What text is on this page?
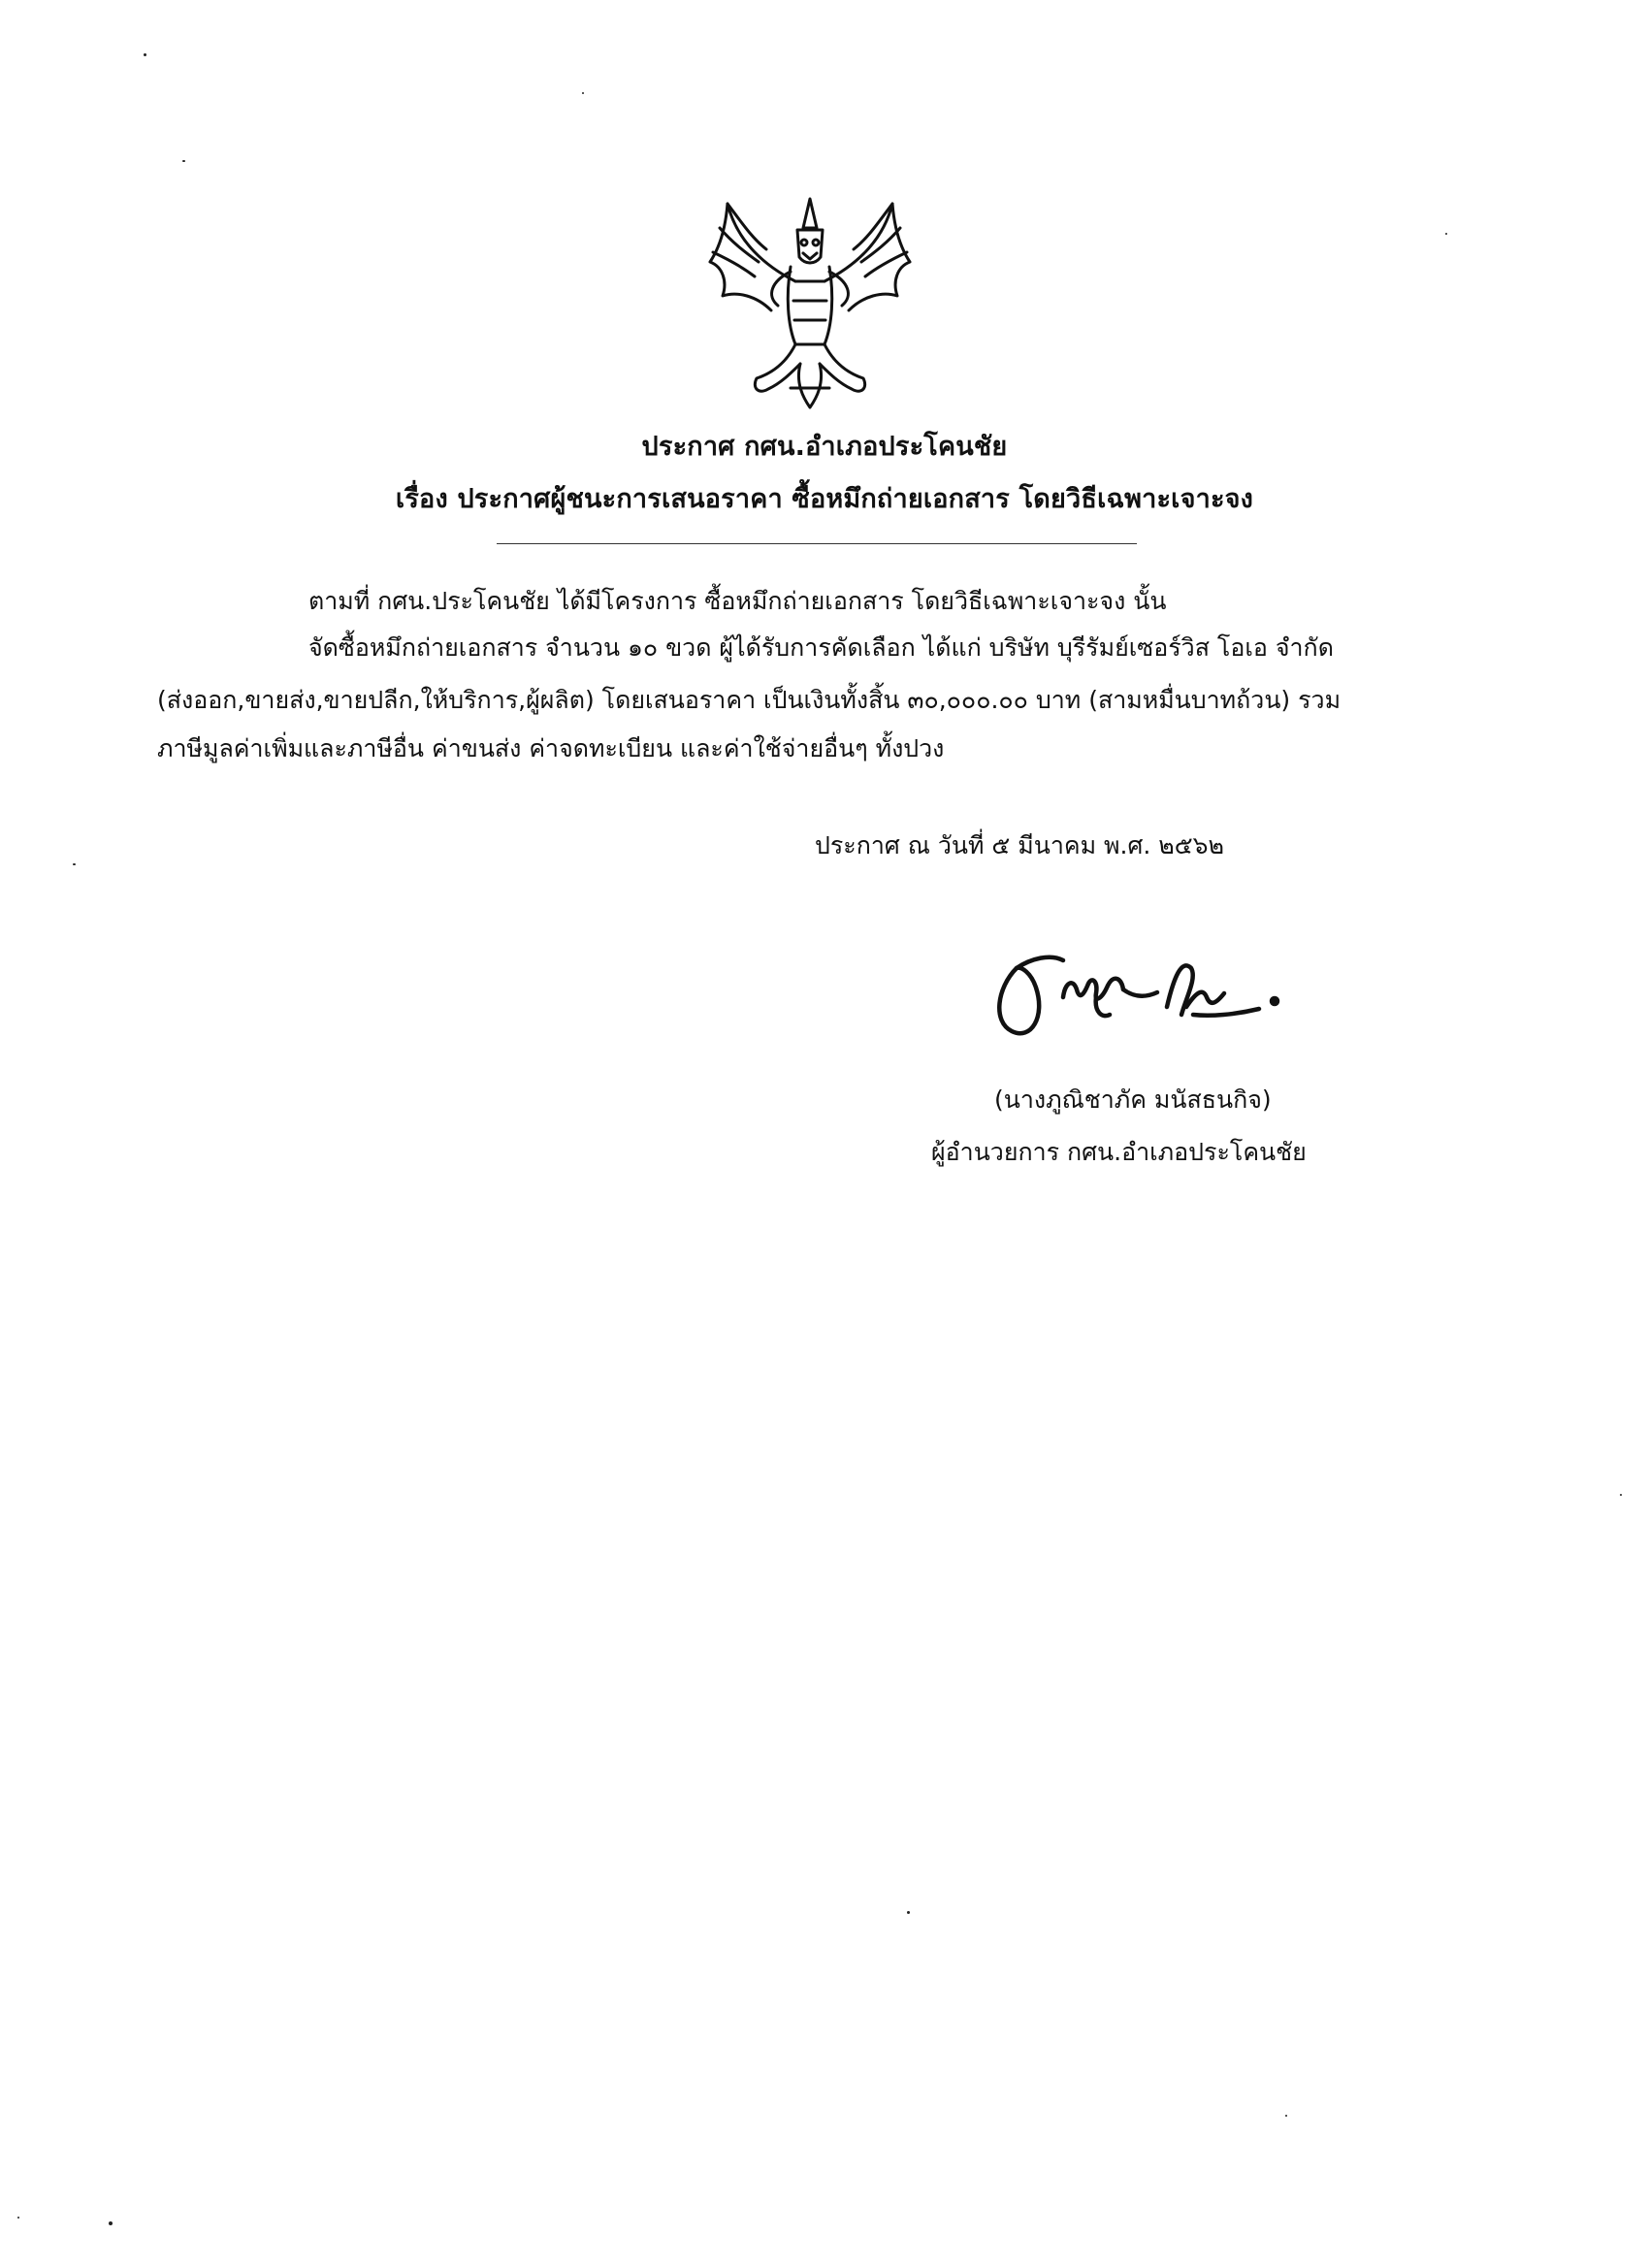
ประกาศ กศน.อำเภอประโคนชัย
เรื่อง ประกาศผู้ชนะการเสนอราคา ซื้อหมึกถ่ายเอกสาร โดยวิธีเฉพาะเจาะจง
ตามที่ กศน.ประโคนชัย ได้มีโครงการ ซื้อหมึกถ่ายเอกสาร โดยวิธีเฉพาะเจาะจง นั้น
จัดซื้อหมึกถ่ายเอกสาร จำนวน ๑๐ ขวด ผู้ได้รับการคัดเลือก ได้แก่ บริษัท บุรีรัมย์เซอร์วิส โอเอ จำกัด
(ส่งออก,ขายส่ง,ขายปลีก,ให้บริการ,ผู้ผลิต) โดยเสนอราคา เป็นเงินทั้งสิ้น ๓๐,๐๐๐.๐๐ บาท (สามหมื่นบาทถ้วน) รวม
ภาษีมูลค่าเพิ่มและภาษีอื่น ค่าขนส่ง ค่าจดทะเบียน และค่าใช้จ่ายอื่นๆ ทั้งปวง
ประกาศ ณ วันที่ ๕ มีนาคม พ.ศ. ๒๕๖๒
(นางภูณิชาภัค มนัสธนกิจ)
ผู้อำนวยการ กศน.อำเภอประโคนชัย
